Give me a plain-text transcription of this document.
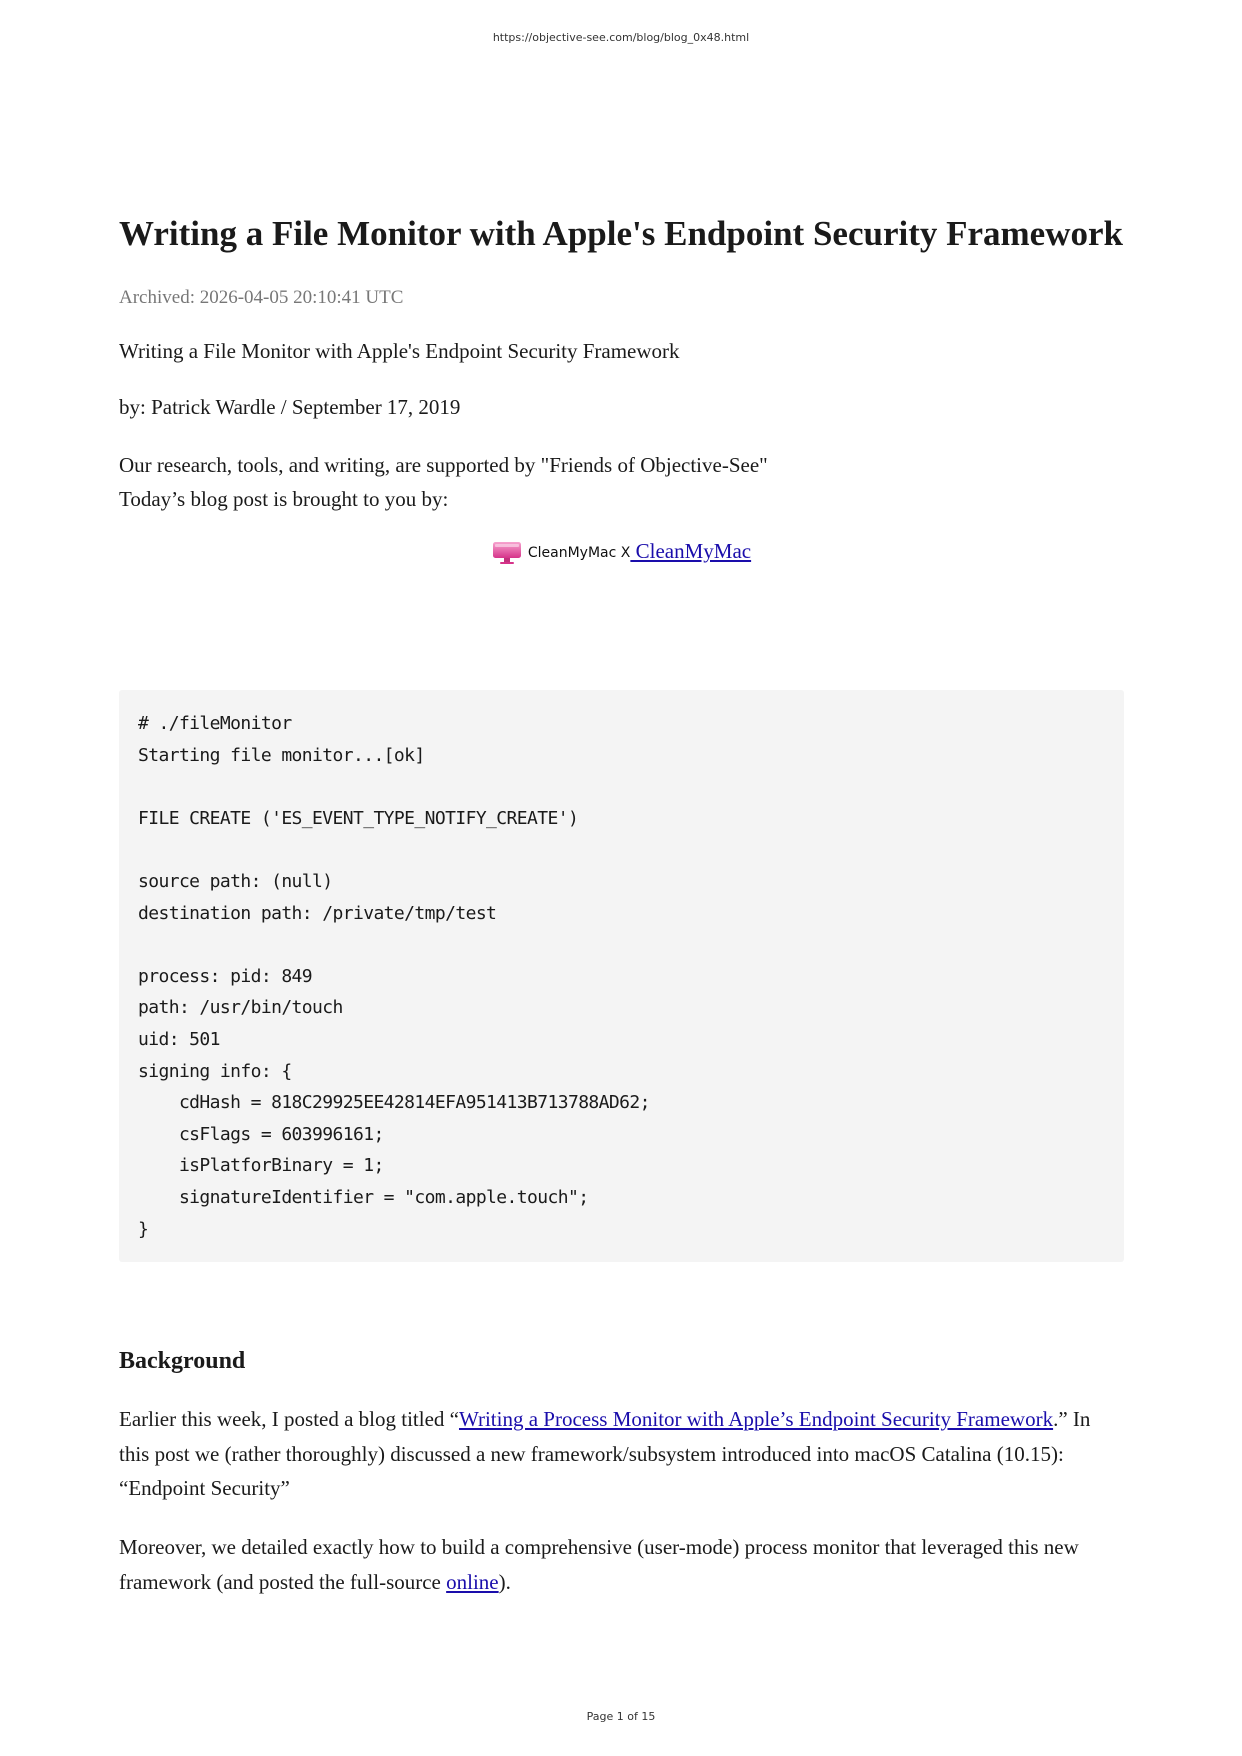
https://objective-see.com/blog/blog_0x48.html
Writing a File Monitor with Apple's Endpoint Security Framework

Archived: 2026-04-05 20:10:41 UTC

Writing a File Monitor with Apple's Endpoint Security Framework

by: Patrick Wardle / September 17, 2019

Our research, tools, and writing, are supported by "Friends of Objective-See"
Today’s blog post is brought to you by:

CleanMyMac X CleanMyMac
# ./fileMonitor
Starting file monitor...[ok]
FILE CREATE ('ES_EVENT_TYPE_NOTIFY_CREATE')
source path: (null)
destination path: /private/tmp/test
process: pid: 849
path: /usr/bin/touch
uid: 501
signing info: {
cdHash = 818C29925EE42814EFA951413B713788AD62;
csFlags = 603996161;
isPlatforBinary = 1;
signatureIdentifier = "com.apple.touch";
}
Background

Earlier this week, I posted a blog titled “Writing a Process Monitor with Apple’s Endpoint Security Framework.” In this post we (rather thoroughly) discussed a new framework/subsystem introduced into macOS Catalina (10.15): “Endpoint Security”

Moreover, we detailed exactly how to build a comprehensive (user-mode) process monitor that leveraged this new framework (and posted the full-source online).

Page 1 of 15
